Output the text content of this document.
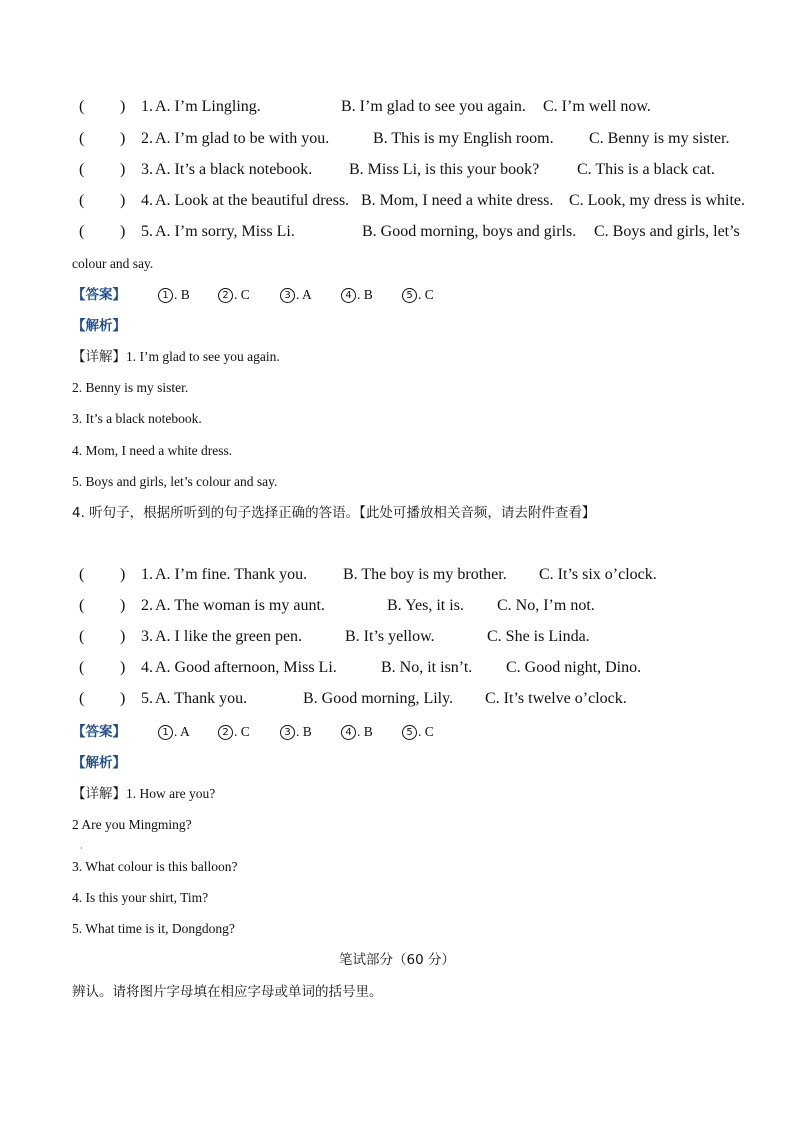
( ) 1. A. I’m Lingling.	B. I’m glad to see you again. C. I’m well now.
( ) 2. A. I’m glad to be with you.	B. This is my English room. C. Benny is my sister.
( ) 3. A. It’s a black notebook. B. Miss Li, is this your book? C. This is a black cat.
( ) 4. A. Look at the beautiful dress. B. Mom, I need a white dress. C. Look, my dress is white.
( ) 5. A. I’m sorry, Miss Li.	B. Good morning, boys and girls. C. Boys and girls, let’s
colour and say.
【答案】	1 . B	2 . C	3 . A	4 . B	5 . C
【解析】
【详解】1. I’m glad to see you again.
2. Benny is my sister.
3. It’s a black notebook.
4. Mom, I need a white dress.
5. Boys and girls, let’s colour and say.
4. 听句子，根据所听到的句子选择正确的答语。【此处可播放相关音频，请去附件查看】
( ) 1. A. I’m fine. Thank you. B. The boy is my brother. C. It’s six o’clock.
( ) 2. A. The woman is my aunt.	B. Yes, it is. C. No, I’m not.
( ) 3. A. I like the green pen.	B. It’s yellow.	C. She is Linda.
( ) 4. A. Good afternoon, Miss Li.	B. No, it isn’t. C. Good night, Dino.
( ) 5. A. Thank you.	B. Good morning, Lily. C. It’s twelve o’clock.
【答案】	1 . A	2 . C	3 . B	4 . B	5 . C
【解析】
【详解】1. How are you?
2 Are you Mingming?
·
3. What colour is this balloon?
4. Is this your shirt, Tim?
5. What time is it, Dongdong?
笔试部分（60 分）
辨认。请将图片字母填在相应字母或单词的括号里。
